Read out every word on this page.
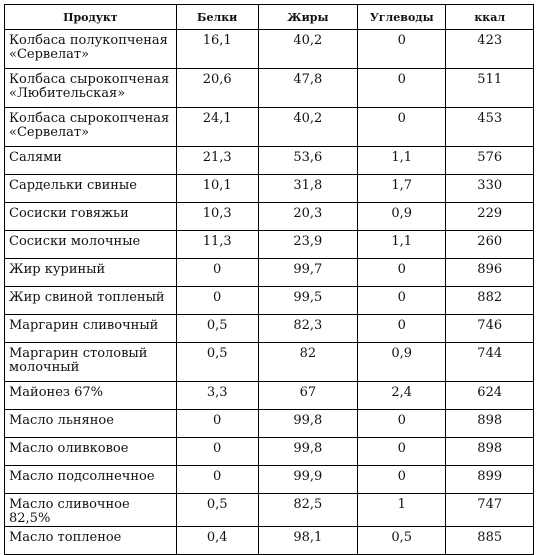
Продукт	Белки	Жиры	Углеводы	ккал

Колбаса полукопченая
«Сервелат»	16,1	40,2	0	423

Колбаса сырокопченая
«Любительская»	20,6	47,8	0	511

Колбаса сырокопченая
«Сервелат»	24,1	40,2	0	453

Салями	21,3	53,6	1,1	576

Сардельки свиные	10,1	31,8	1,7	330

Сосиски говяжьи	10,3	20,3	0,9	229

Сосиски молочные	11,3	23,9	1,1	260

Жир куриный	0	99,7	0	896

Жир свиной топленый	0	99,5	0	882

Маргарин сливочный	0,5	82,3	0	746

Маргарин столовый
молочный	0,5	82	0,9	744

Майонез 67%	3,3	67	2,4	624

Масло льняное	0	99,8	0	898

Масло оливковое	0	99,8	0	898

Масло подсолнечное	0	99,9	0	899

Масло сливочное 82,5%	0,5	82,5	1	747

Масло топленое	0,4	98,1	0,5	885
